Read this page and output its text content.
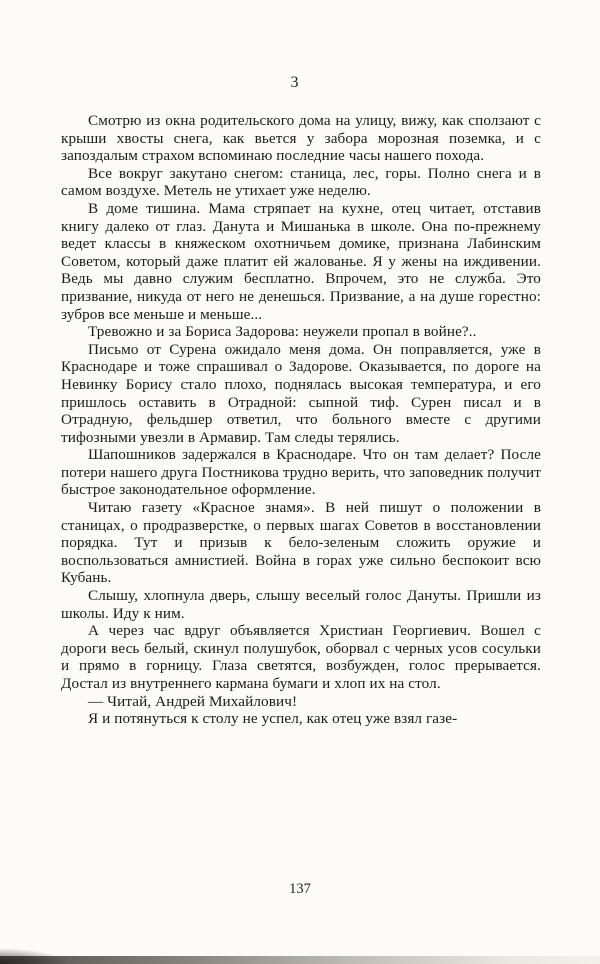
3

Смотрю из окна родительского дома на улицу, вижу, как сползают с крыши хвосты снега, как вьется у забора морозная поземка, и с запоздалым страхом вспоминаю последние часы нашего похода.

Все вокруг закутано снегом: станица, лес, горы. Полно снега и в самом воздухе. Метель не утихает уже неделю.

В доме тишина. Мама стряпает на кухне, отец читает, отставив книгу далеко от глаз. Данута и Мишанька в школе. Она по-прежнему ведет классы в княжеском охотничьем домике, признана Лабинским Советом, который даже платит ей жалованье. Я у жены на иждивении. Ведь мы давно служим бесплатно. Впрочем, это не служба. Это призвание, никуда от него не денешься. Призвание, а на душе горестно: зубров все меньше и меньше...

Тревожно и за Бориса Задорова: неужели пропал в войне?..

Письмо от Сурена ожидало меня дома. Он поправляется, уже в Краснодаре и тоже спрашивал о Задорове. Оказывается, по дороге на Невинку Борису стало плохо, поднялась высокая температура, и его пришлось оставить в Отрадной: сыпной тиф. Сурен писал и в Отрадную, фельдшер ответил, что больного вместе с другими тифозными увезли в Армавир. Там следы терялись.

Шапошников задержался в Краснодаре. Что он там делает? После потери нашего друга Постникова трудно верить, что заповедник получит быстрое законодательное оформление.

Читаю газету «Красное знамя». В ней пишут о положении в станицах, о продразверстке, о первых шагах Советов в восстановлении порядка. Тут и призыв к бело-зеленым сложить оружие и воспользоваться амнистией. Война в горах уже сильно беспокоит всю Кубань.

Слышу, хлопнула дверь, слышу веселый голос Дануты. Пришли из школы. Иду к ним.

А через час вдруг объявляется Христиан Георгиевич. Вошел с дороги весь белый, скинул полушубок, оборвал с черных усов сосульки и прямо в горницу. Глаза светятся, возбужден, голос прерывается. Достал из внутреннего кармана бумаги и хлоп их на стол.

— Читай, Андрей Михайлович!

Я и потянуться к столу не успел, как отец уже взял газе-

137
